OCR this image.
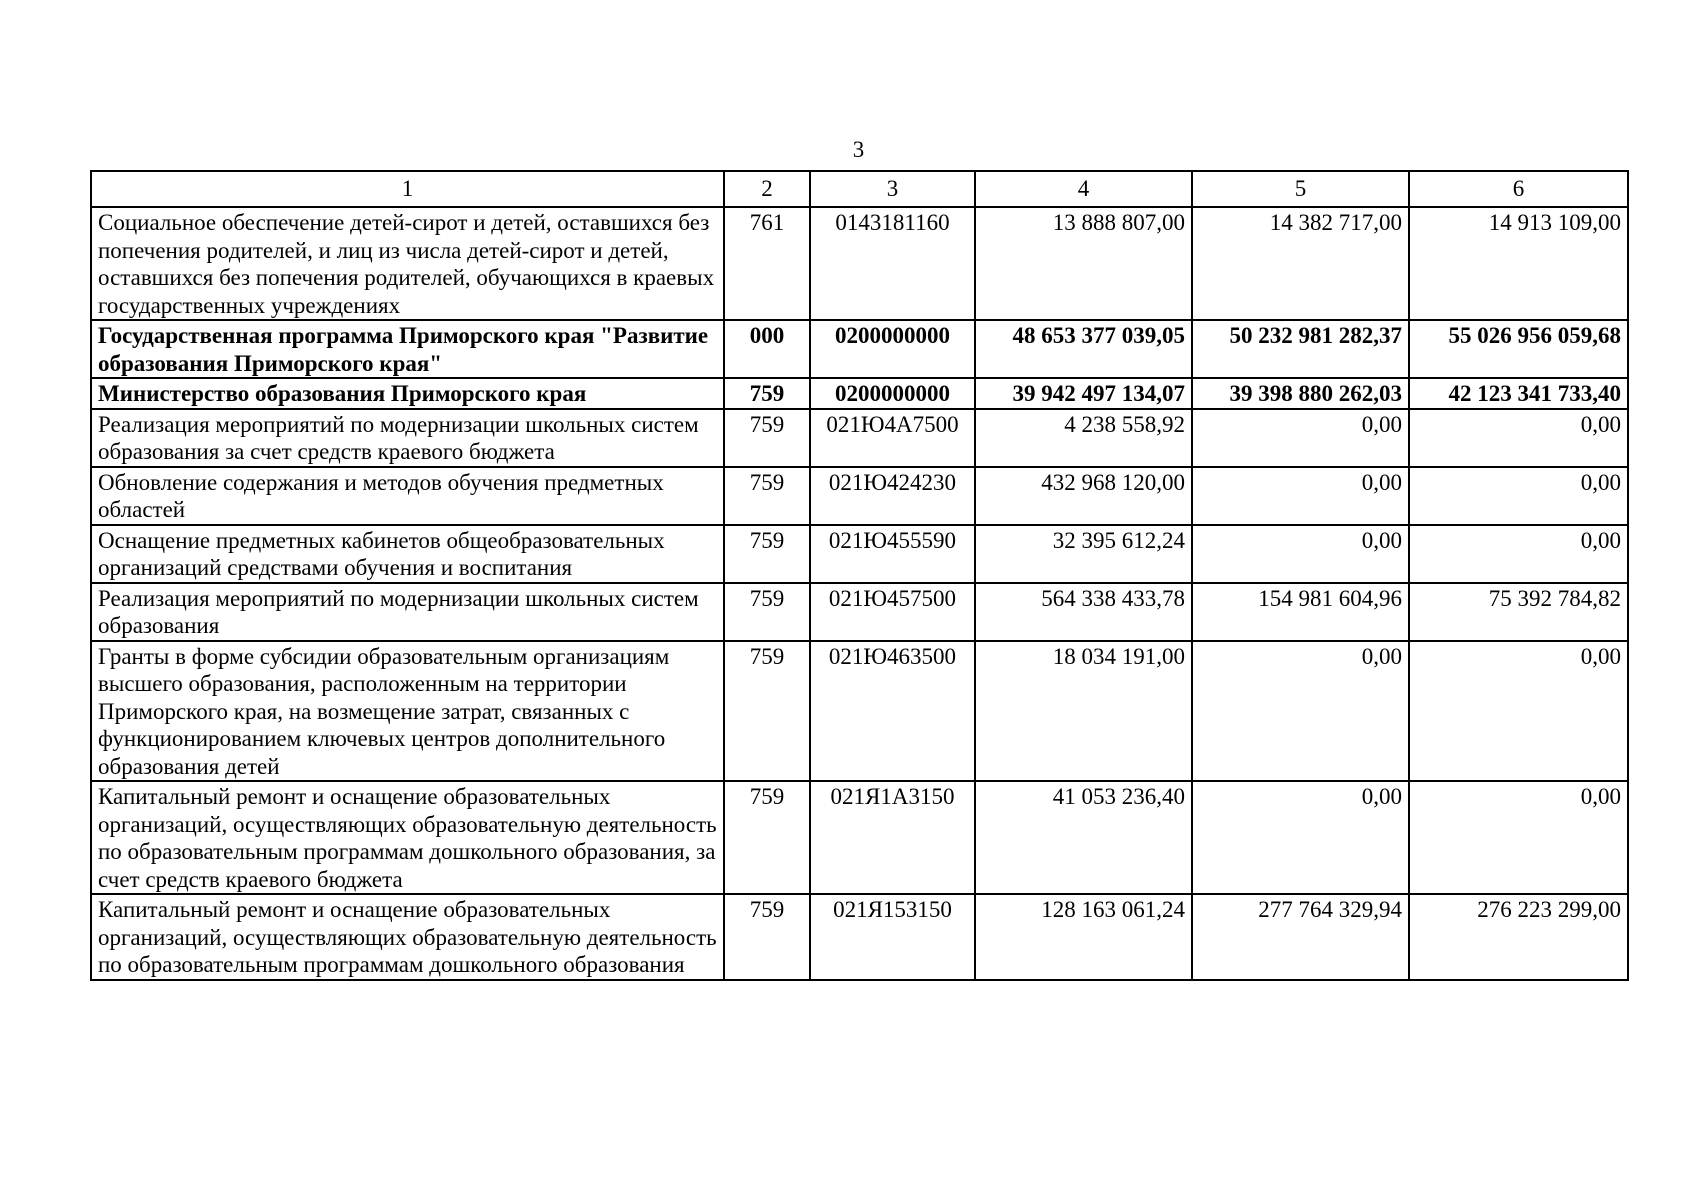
3
1	2	3	4	5	6
Социальное обеспечение детей-сирот и детей, оставшихся без попечения родителей, и лиц из числа детей-сирот и детей, оставшихся без попечения родителей, обучающихся в краевых государственных учреждениях	761	0143181160	13 888 807,00	14 382 717,00	14 913 109,00
Государственная программа Приморского края "Развитие образования Приморского края"	000	0200000000	48 653 377 039,05	50 232 981 282,37	55 026 956 059,68
Министерство образования Приморского края	759	0200000000	39 942 497 134,07	39 398 880 262,03	42 123 341 733,40
Реализация мероприятий по модернизации школьных систем образования за счет средств краевого бюджета	759	021Ю4А7500	4 238 558,92	0,00	0,00
Обновление содержания и методов обучения предметных областей	759	021Ю424230	432 968 120,00	0,00	0,00
Оснащение предметных кабинетов общеобразовательных организаций средствами обучения и воспитания	759	021Ю455590	32 395 612,24	0,00	0,00
Реализация мероприятий по модернизации школьных систем образования	759	021Ю457500	564 338 433,78	154 981 604,96	75 392 784,82
Гранты в форме субсидии образовательным организациям высшего образования, расположенным на территории Приморского края, на возмещение затрат, связанных с функционированием ключевых центров дополнительного образования детей	759	021Ю463500	18 034 191,00	0,00	0,00
Капитальный ремонт и оснащение образовательных организаций, осуществляющих образовательную деятельность по образовательным программам дошкольного образования, за счет средств краевого бюджета	759	021Я1А3150	41 053 236,40	0,00	0,00
Капитальный ремонт и оснащение образовательных организаций, осуществляющих образовательную деятельность по образовательным программам дошкольного образования	759	021Я153150	128 163 061,24	277 764 329,94	276 223 299,00
